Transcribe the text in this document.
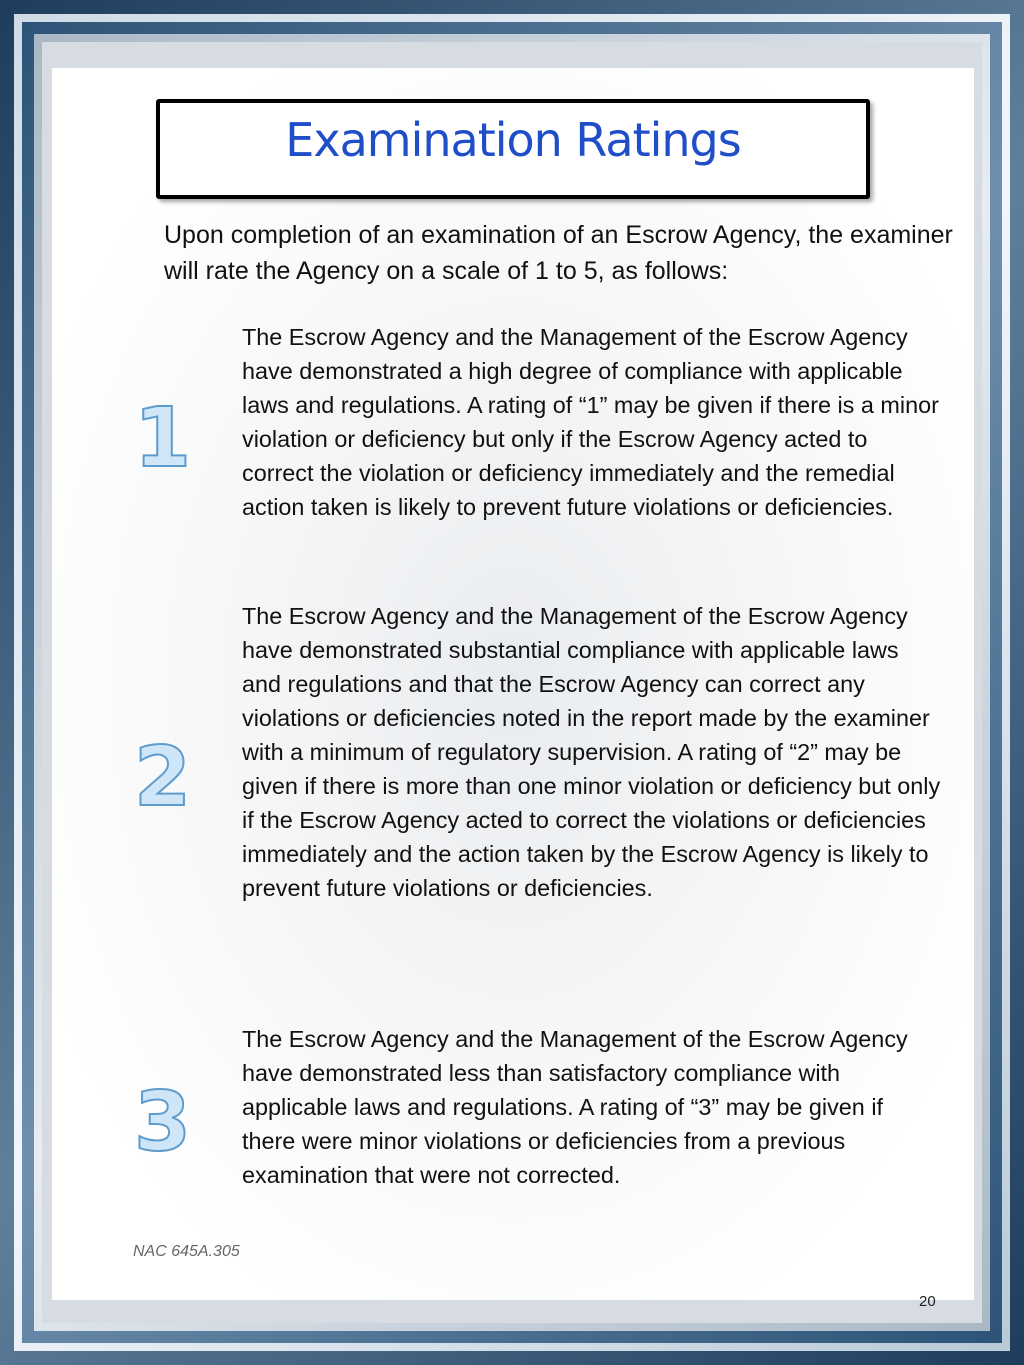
Examination Ratings
Upon completion of an examination of an Escrow Agency, the examiner will rate the Agency on a scale of 1 to 5, as follows:
1
The Escrow Agency and the Management of the Escrow Agency have demonstrated a high degree of compliance with applicable laws and regulations. A rating of “1” may be given if there is a minor violation or deficiency but only if the Escrow Agency acted to correct the violation or deficiency immediately and the remedial action taken is likely to prevent future violations or deficiencies.
2
The Escrow Agency and the Management of the Escrow Agency have demonstrated substantial compliance with applicable laws and regulations and that the Escrow Agency can correct any violations or deficiencies noted in the report made by the examiner with a minimum of regulatory supervision. A rating of “2” may be given if there is more than one minor violation or deficiency but only if the Escrow Agency acted to correct the violations or deficiencies immediately and the action taken by the Escrow Agency is likely to prevent future violations or deficiencies.
3
The Escrow Agency and the Management of the Escrow Agency have demonstrated less than satisfactory compliance with applicable laws and regulations. A rating of “3” may be given if there were minor violations or deficiencies from a previous examination that were not corrected.
NAC 645A.305
20
